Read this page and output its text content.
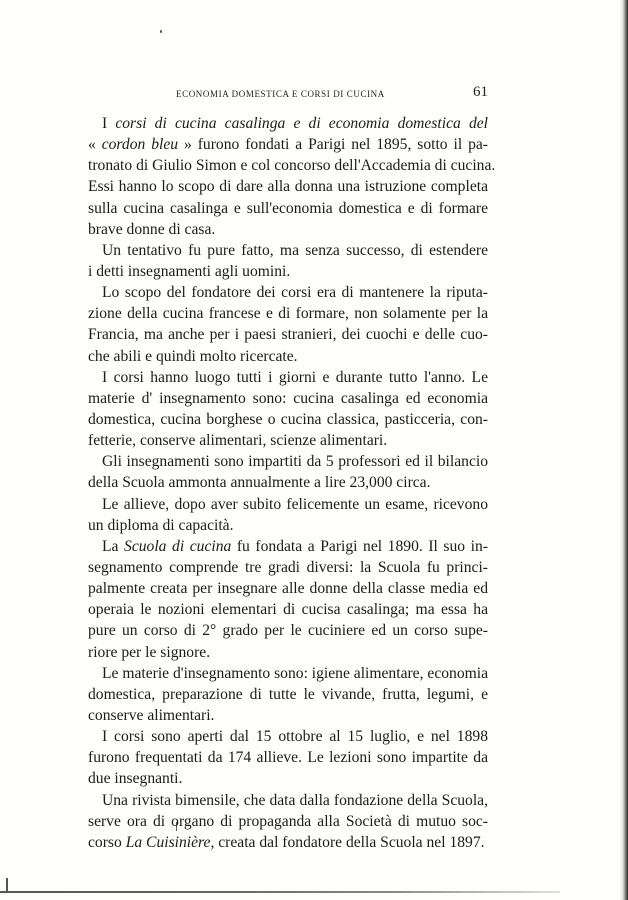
ECONOMIA DOMESTICA E CORSI DI CUCINA	61
I corsi di cucina casalinga e di economia domestica del
« cordon bleu » furono fondati a Parigi nel 1895, sotto il pa-
tronato di Giulio Simon e col concorso dell'Accademia di cucina.
Essi hanno lo scopo di dare alla donna una istruzione completa
sulla cucina casalinga e sull'economia domestica e di formare
brave donne di casa.
Un tentativo fu pure fatto, ma senza successo, di estendere
i detti insegnamenti agli uomini.
Lo scopo del fondatore dei corsi era di mantenere la riputa-
zione della cucina francese e di formare, non solamente per la
Francia, ma anche per i paesi stranieri, dei cuochi e delle cuo-
che abili e quindi molto ricercate.
I corsi hanno luogo tutti i giorni e durante tutto l'anno. Le
materie d' insegnamento sono: cucina casalinga ed economia
domestica, cucina borghese o cucina classica, pasticceria, con-
fetterie, conserve alimentari, scienze alimentari.
Gli insegnamenti sono impartiti da 5 professori ed il bilancio
della Scuola ammonta annualmente a lire 23,000 circa.
Le allieve, dopo aver subito felicemente un esame, ricevono
un diploma di capacità.
La Scuola di cucina fu fondata a Parigi nel 1890. Il suo in-
segnamento comprende tre gradi diversi: la Scuola fu princi-
palmente creata per insegnare alle donne della classe media ed
operaia le nozioni elementari di cucisa casalinga; ma essa ha
pure un corso di 2° grado per le cuciniere ed un corso supe-
riore per le signore.
Le materie d'insegnamento sono: igiene alimentare, economia
domestica, preparazione di tutte le vivande, frutta, legumi, e
conserve alimentari.
I corsi sono aperti dal 15 ottobre al 15 luglio, e nel 1898
furono frequentati da 174 allieve. Le lezioni sono impartite da
due insegnanti.
Una rivista bimensile, che data dalla fondazione della Scuola,
serve ora di organo di propaganda alla Società di mutuo soc-
corso La Cuisinière, creata dal fondatore della Scuola nel 1897.
